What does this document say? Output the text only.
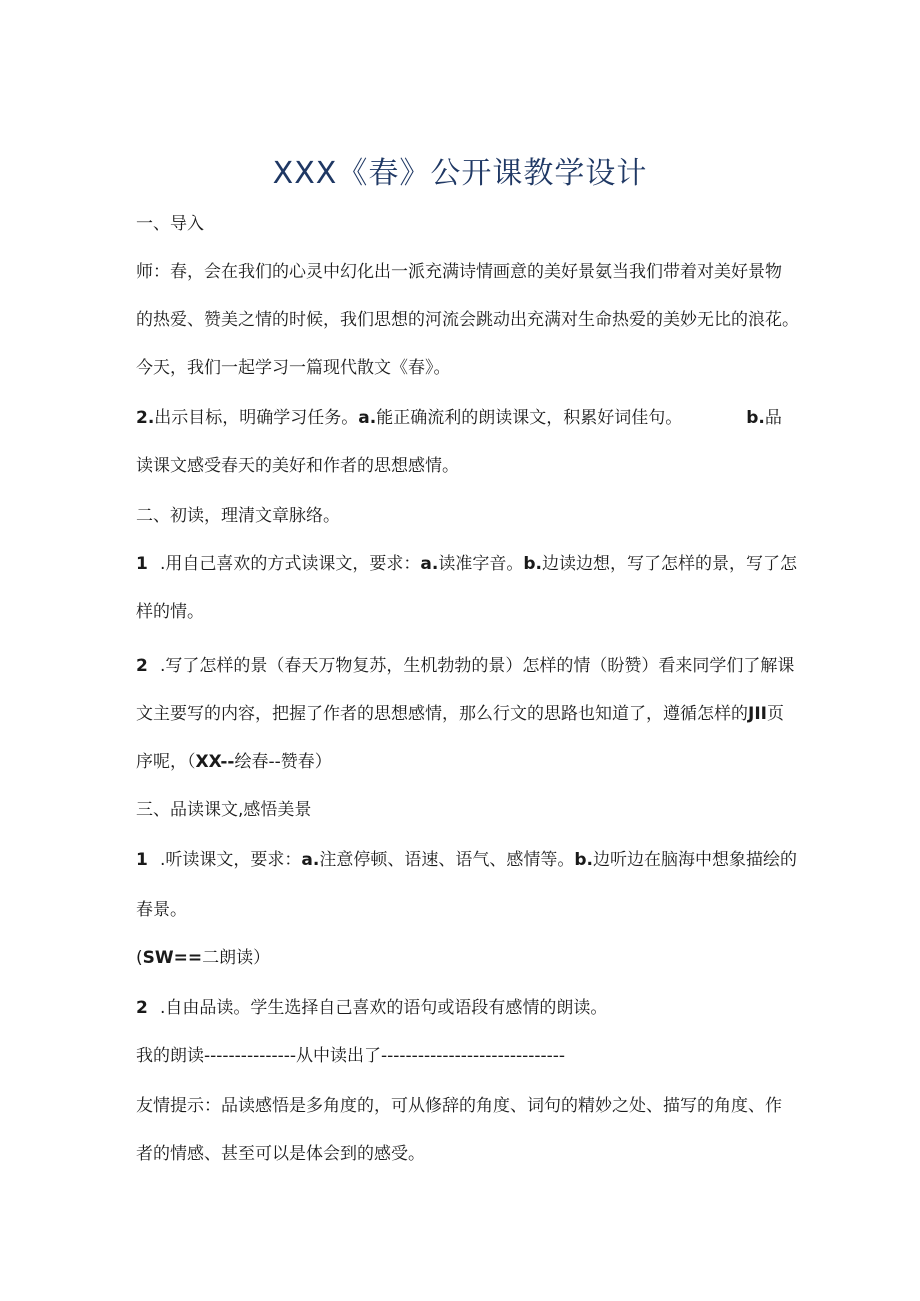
XXX《春》公开课教学设计
一、导入
师：春，会在我们的心灵中幻化出一派充满诗情画意的美好景氨当我们带着对美好景物
的热爱、赞美之情的时候，我们思想的河流会跳动出充满对生命热爱的美妙无比的浪花。
今天，我们一起学习一篇现代散文《春》。
2.出示目标，明确学习任务。a.能正确流利的朗读课文，积累好词佳句。	b.品
读课文感受春天的美好和作者的思想感情。
二、初读，理清文章脉络。
1 .用自己喜欢的方式读课文，要求：a.读准字音。b.边读边想，写了怎样的景，写了怎
样的情。
2 .写了怎样的景（春天万物复苏，生机勃勃的景）怎样的情（盼赞）看来同学们了解课
文主要写的内容，把握了作者的思想感情，那么行文的思路也知道了，遵循怎样的JII页
序呢，（XX--绘春--赞春）
三、品读课文,感悟美景
1 .听读课文，要求：a.注意停顿、语速、语气、感情等。b.边听边在脑海中想象描绘的
春景。
(SW==二朗读）
2 .自由品读。学生选择自己喜欢的语句或语段有感情的朗读。
我的朗读---------------从中读出了------------------------------
友情提示：品读感悟是多角度的，可从修辞的角度、词句的精妙之处、描写的角度、作
者的情感、甚至可以是体会到的感受。
